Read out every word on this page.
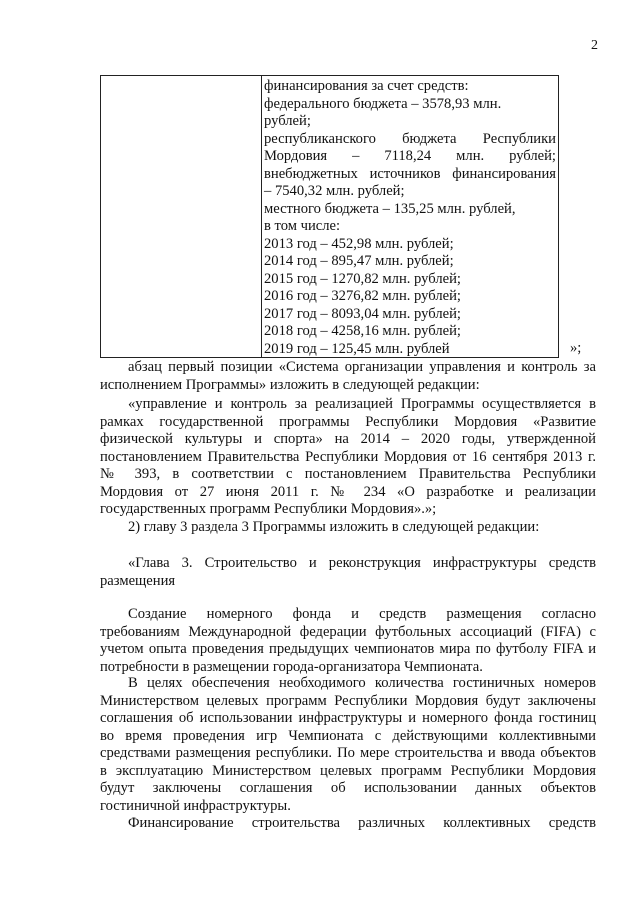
2
финансирования за счет средств:
федерального бюджета – 3578,93 млн.
рублей;
республиканского бюджета Республики
Мордовия – 7118,24 млн. рублей;
внебюджетных источников финансирования
– 7540,32 млн. рублей;
местного бюджета – 135,25 млн. рублей,
в том числе:
2013 год – 452,98 млн. рублей;
2014 год – 895,47 млн. рублей;
2015 год – 1270,82 млн. рублей;
2016 год – 3276,82 млн. рублей;
2017 год – 8093,04 млн. рублей;
2018 год – 4258,16 млн. рублей;
2019 год – 125,45 млн. рублей	»;
абзац первый позиции «Система организации управления и контроль за
исполнением Программы» изложить в следующей редакции:
«управление и контроль за реализацией Программы осуществляется в
рамках государственной программы Республики Мордовия «Развитие
физической культуры и спорта» на 2014 – 2020 годы, утвержденной
постановлением Правительства Республики Мордовия от 16 сентября 2013 г.
№ 393, в соответствии с постановлением Правительства Республики
Мордовия от 27 июня 2011 г. № 234 «О разработке и реализации
государственных программ Республики Мордовия».»;
2) главу 3 раздела 3 Программы изложить в следующей редакции:
«Глава 3. Строительство и реконструкция инфраструктуры средств
размещения
Создание номерного фонда и средств размещения согласно
требованиям Международной федерации футбольных ассоциаций (FIFA) с
учетом опыта проведения предыдущих чемпионатов мира по футболу FIFA и
потребности в размещении города-организатора Чемпионата.
В целях обеспечения необходимого количества гостиничных номеров
Министерством целевых программ Республики Мордовия будут заключены
соглашения об использовании инфраструктуры и номерного фонда гостиниц
во время проведения игр Чемпионата с действующими коллективными
средствами размещения республики. По мере строительства и ввода объектов
в эксплуатацию Министерством целевых программ Республики Мордовия
будут заключены соглашения об использовании данных объектов
гостиничной инфраструктуры.
Финансирование строительства различных коллективных средств
